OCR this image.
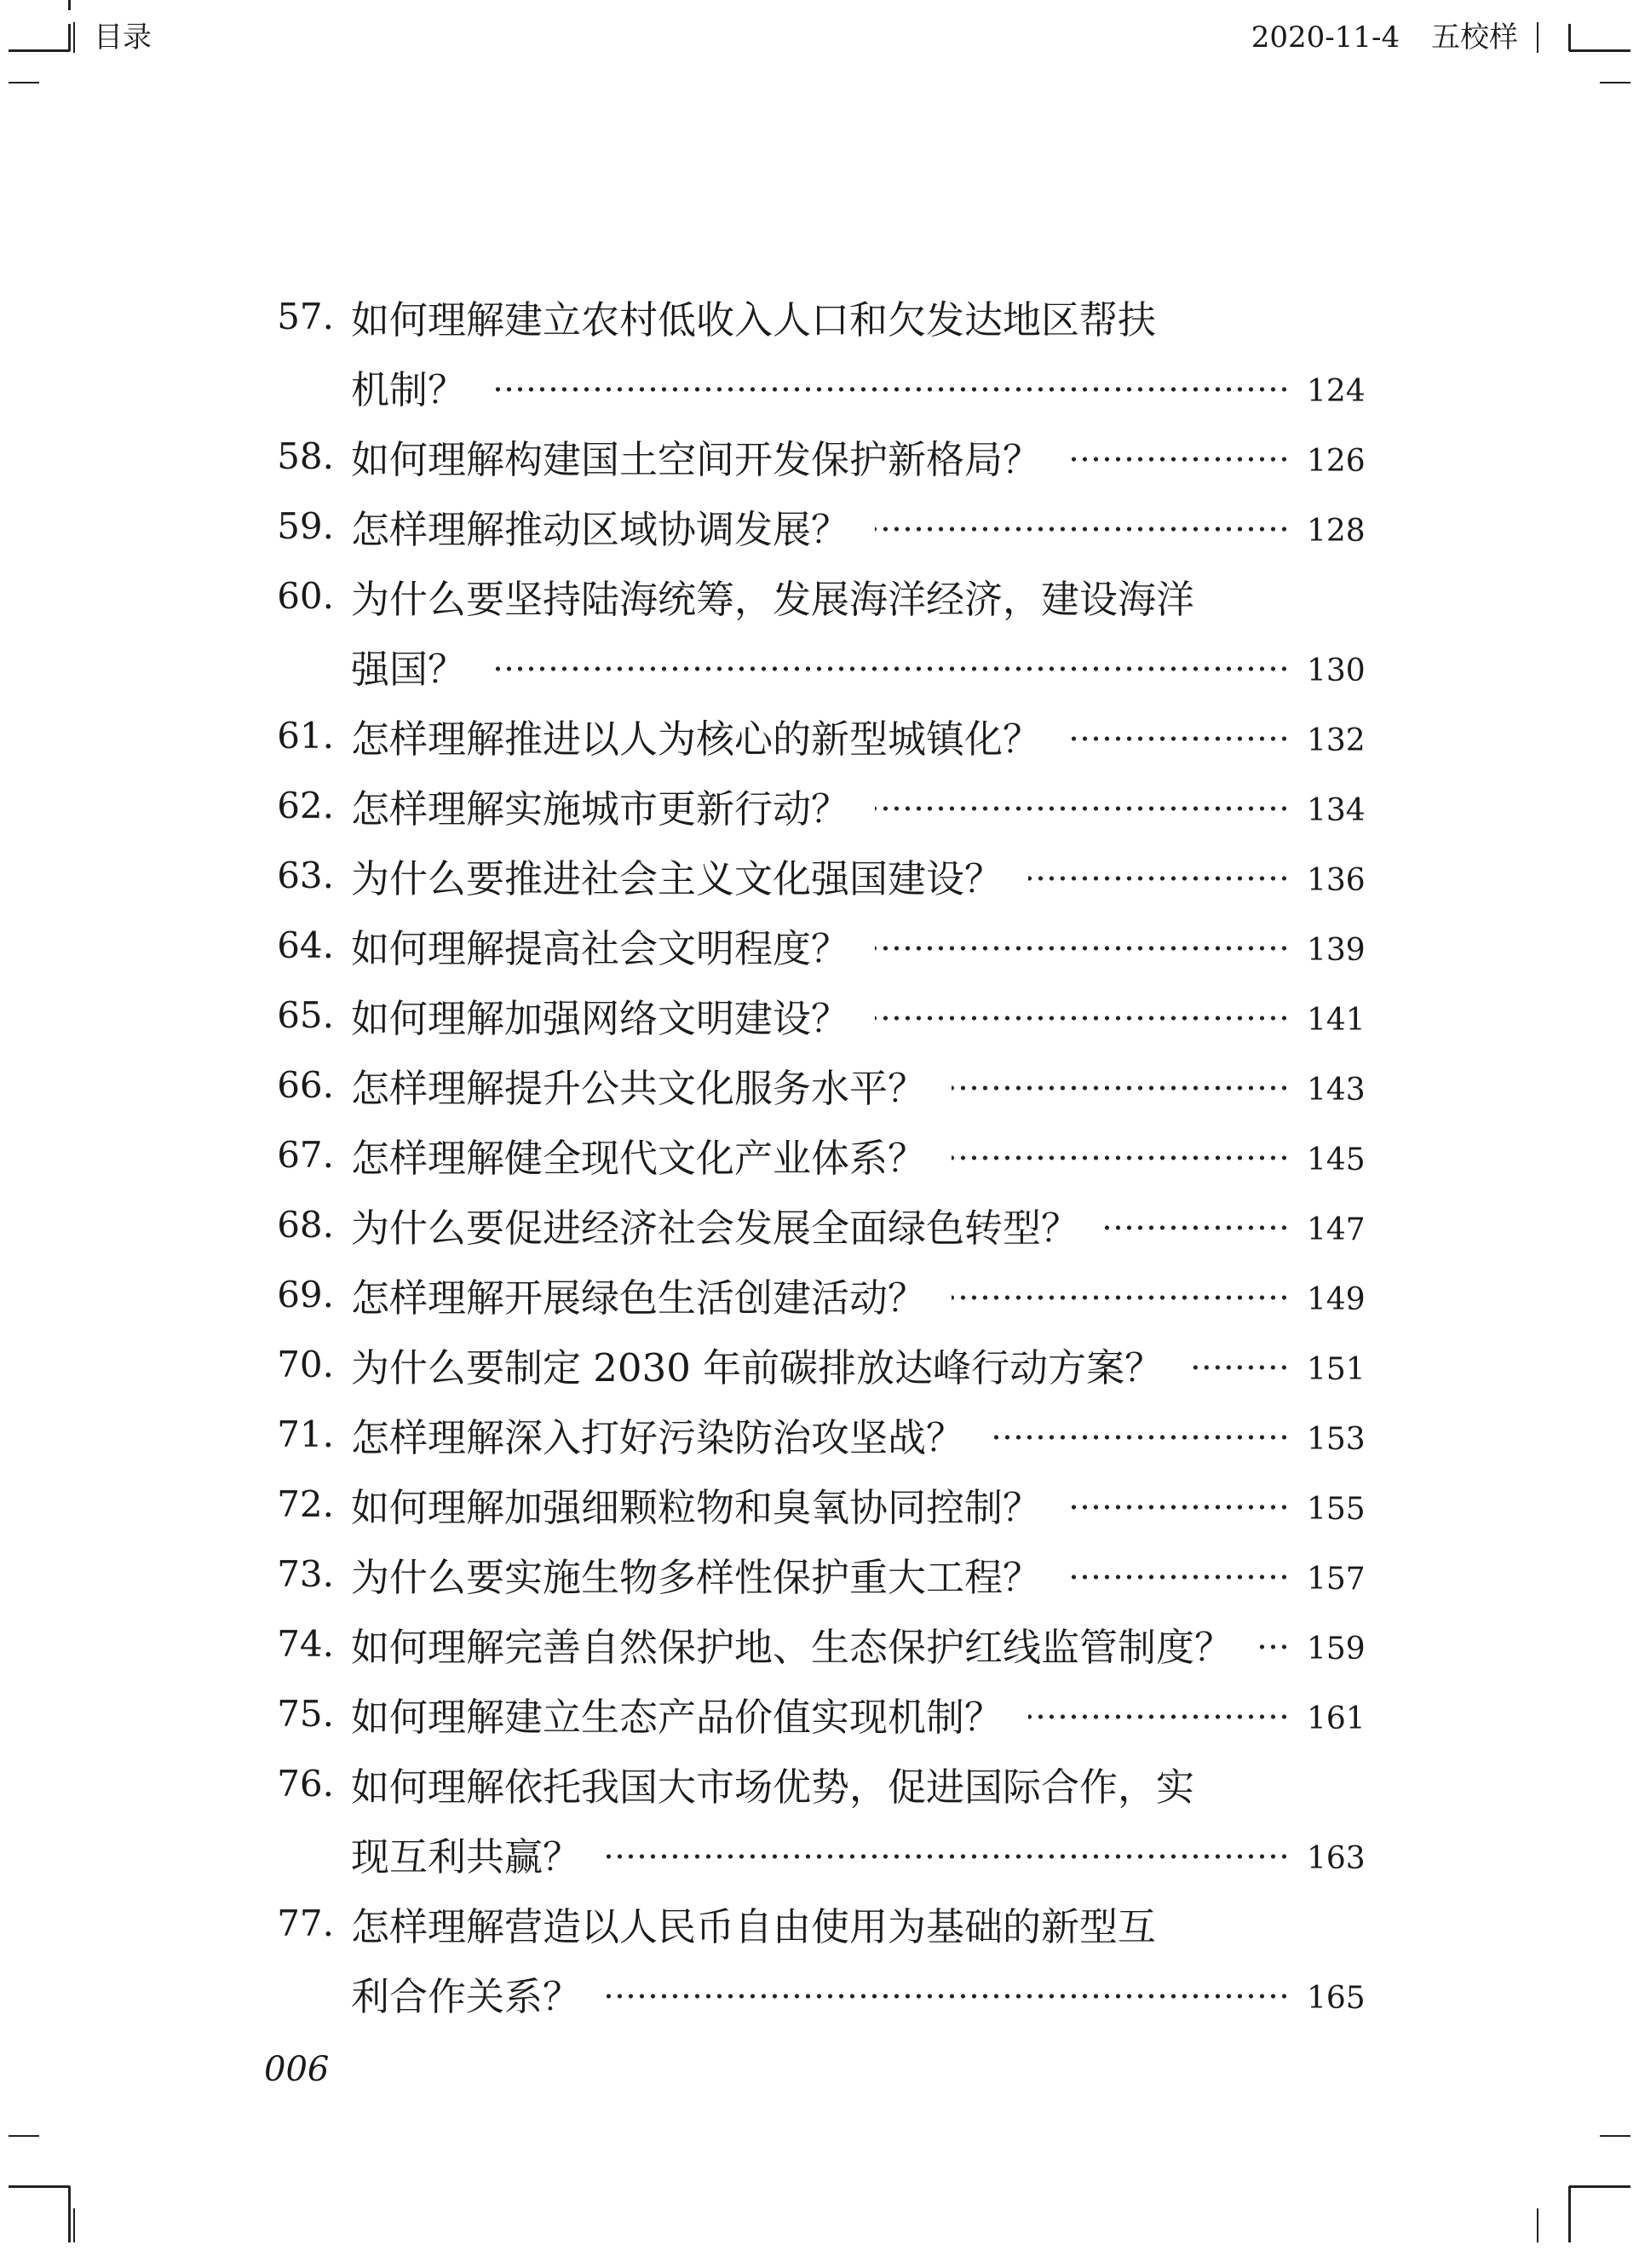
目录	2020-11-4 五校样
57. 如何理解建立农村低收入人口和欠发达地区帮扶
机制？	124
58. 如何理解构建国土空间开发保护新格局？	126
59. 怎样理解推动区域协调发展？	128
60. 为什么要坚持陆海统筹，发展海洋经济，建设海洋
强国？	130
61. 怎样理解推进以人为核心的新型城镇化？	132
62. 怎样理解实施城市更新行动？	134
63. 为什么要推进社会主义文化强国建设？	136
64. 如何理解提高社会文明程度？	139
65. 如何理解加强网络文明建设？	141
66. 怎样理解提升公共文化服务水平？	143
67. 怎样理解健全现代文化产业体系？	145
68. 为什么要促进经济社会发展全面绿色转型？	147
69. 怎样理解开展绿色生活创建活动？	149
70. 为什么要制定 2030 年前碳排放达峰行动方案？	151
71. 怎样理解深入打好污染防治攻坚战？	153
72. 如何理解加强细颗粒物和臭氧协同控制？	155
73. 为什么要实施生物多样性保护重大工程？	157
74. 如何理解完善自然保护地、生态保护红线监管制度？ 159
75. 如何理解建立生态产品价值实现机制？	161
76. 如何理解依托我国大市场优势，促进国际合作，实
现互利共赢？	163
77. 怎样理解营造以人民币自由使用为基础的新型互
利合作关系？	165
006
